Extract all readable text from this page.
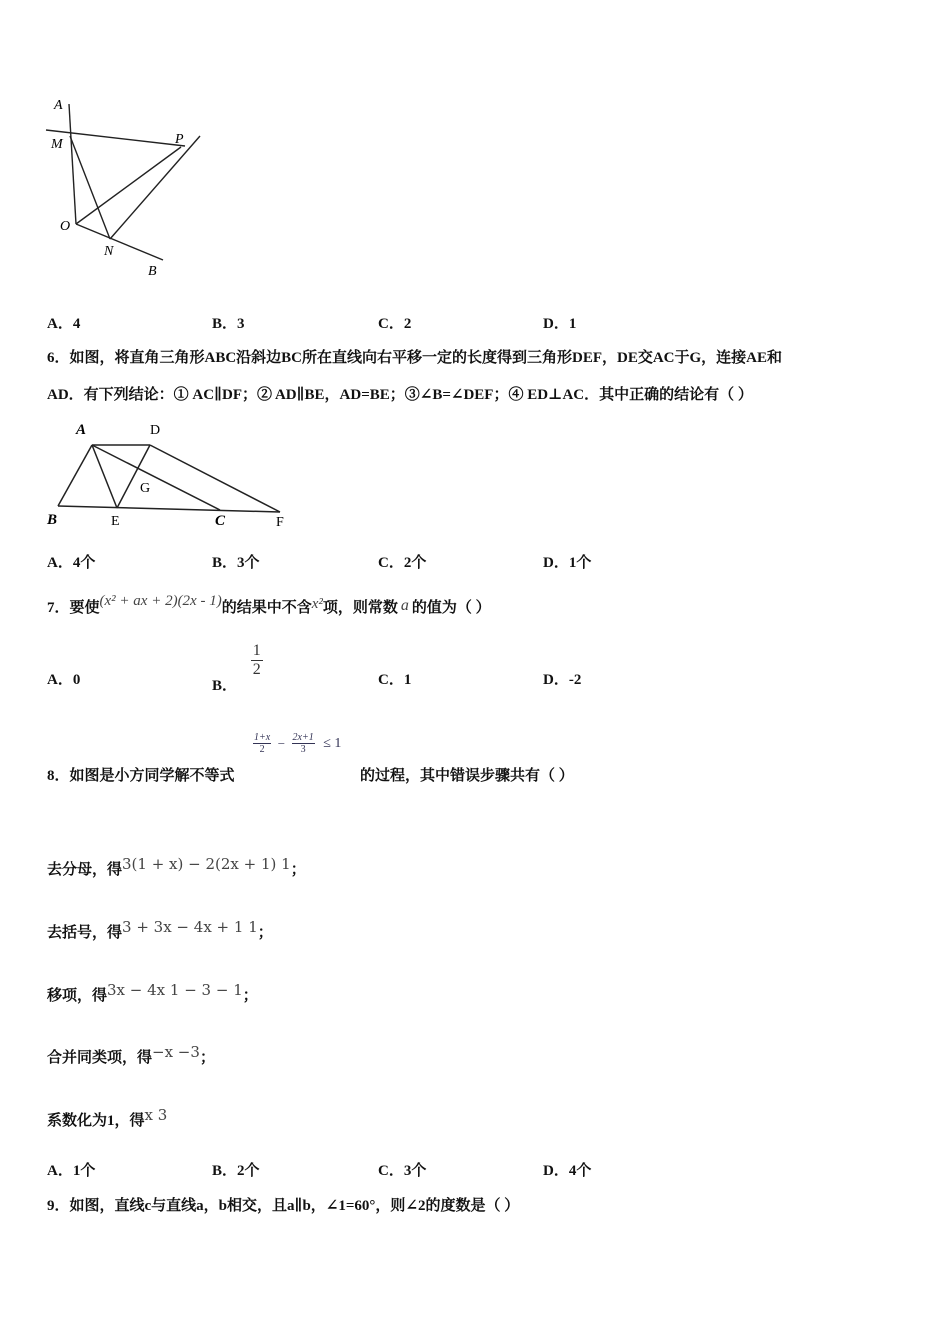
A
M	P
O
N
B
A．4	B．3	C．2	D．1
6．如图，将直角三角形ABC沿斜边BC所在直线向右平移一定的长度得到三角形DEF，DE交AC于G，连接AE和
AD．有下列结论：① AC∥DF；② AD∥BE，AD=BE；③∠B=∠DEF；④ ED⊥AC．其中正确的结论有（ ）
A	D
G
B	E	C	F
A．4个	B．3个	C．2个	D．1个
7．要使(x² + ax + 2)(2x - 1)的结果中不含x²项，则常数 a 的值为（ ）
A．0	B．
$\frac{1}{2}$
C．1	D．-2
8．如图是小方同学解不等式
$\frac{1+x}{2} - \frac{2x+1}{3} \le 1$
的过程，其中错误步骤共有（ ）
去分母，得3(1 + x) − 2(2x + 1) 1；
去括号，得3 + 3x − 4x + 1 1；
移项，得3x − 4x 1 − 3 − 1；
合并同类项，得−x −3；
系数化为1，得x 3
A．1个	B．2个	C．3个	D．4个
9．如图，直线c与直线a，b相交，且a∥b，∠1=60°，则∠2的度数是（ ）
